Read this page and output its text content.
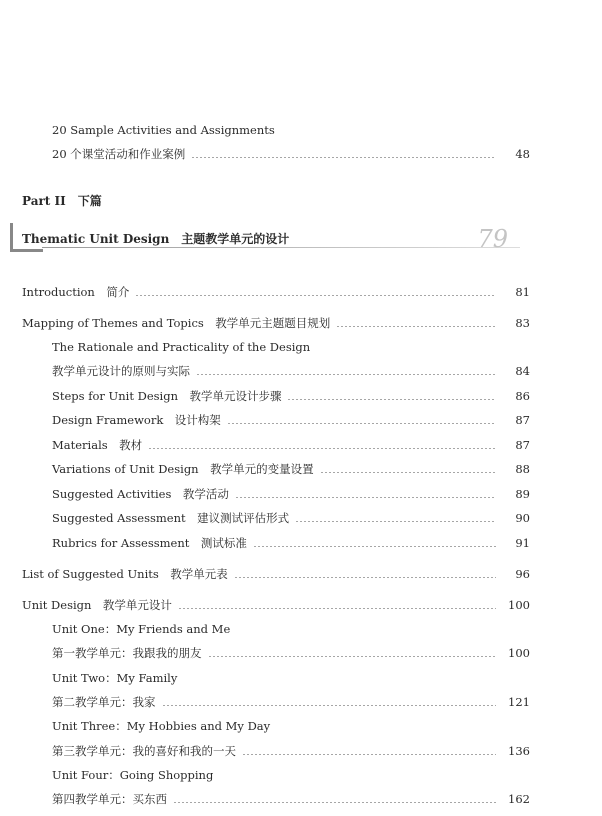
20 Sample Activities and Assignments
20 个课堂活动和作业案例	48
Part II　下篇
Thematic Unit Design　主题教学单元的设计	79
Introduction　简介	81
Mapping of Themes and Topics　教学单元主题题目规划	83
The Rationale and Practicality of the Design
教学单元设计的原则与实际	84
Steps for Unit Design　教学单元设计步骤	86
Design Framework　设计构架	87
Materials　教材	87
Variations of Unit Design　教学单元的变量设置	88
Suggested Activities　教学活动	89
Suggested Assessment　建议测试评估形式	90
Rubrics for Assessment　测试标准	91
List of Suggested Units　教学单元表	96
Unit Design　教学单元设计	100
Unit One：My Friends and Me
第一教学单元：我跟我的朋友	100
Unit Two：My Family
第二教学单元：我家	121
Unit Three：My Hobbies and My Day
第三教学单元：我的喜好和我的一天	136
Unit Four：Going Shopping
第四教学单元：买东西	162
